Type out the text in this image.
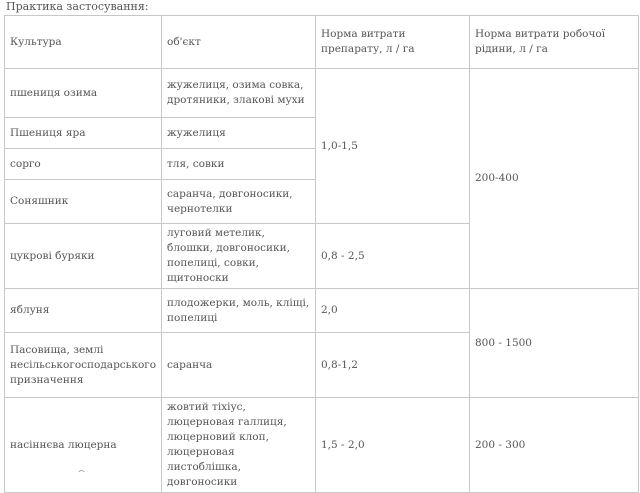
Практика застосування:
Культура	об'єкт	Норма витрати препарату, л / га	Норма витрати робочої рідини, л / га
пшениця озима	жужелиця, озима совка, дротяники, злакові мухи	1,0-1,5	200-400
Пшениця яра	жужелиця		
сорго	тля, совки		
Соняшник	саранча, довгоносики, чернотелки		
цукрові буряки	луговий метелик, блошки, довгоносики, попелиці, совки, щитоноски	0,8 - 2,5	
яблуня	плодожерки, моль, кліщі, попелиці	2,0	800 - 1500
Пасовища, землі несільськогосподарського призначення	саранча	0,8-1,2	
насіннєва люцерна	жовтий тіхіус, люцерновая галлиця, люцерновий клоп, люцерновая листоблішка, довгоносики	1,5 - 2,0	200 - 300
